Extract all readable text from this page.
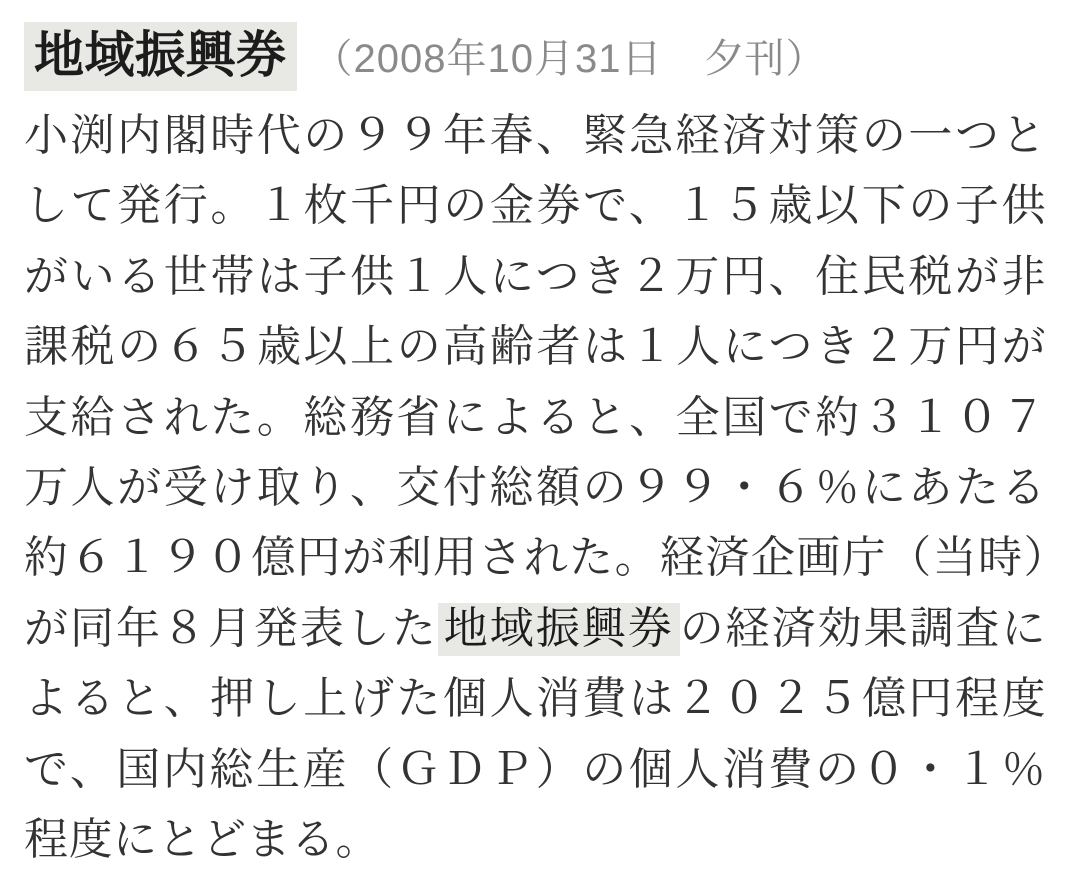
地域振興券 （2008年10月31日　夕刊）

小渕内閣時代の９９年春、緊急経済対策の一つとして発行。１枚千円の金券で、１５歳以下の子供がいる世帯は子供１人につき２万円、住民税が非課税の６５歳以上の高齢者は１人につき２万円が支給された。総務省によると、全国で約３１０７万人が受け取り、交付総額の９９・６％にあたる約６１９０億円が利用された。経済企画庁（当時）が同年８月発表した 地域振興券 の経済効果調査によると、押し上げた個人消費は２０２５億円程度で、国内総生産（ＧＤＰ）の個人消費の０・１％程度にとどまる。
